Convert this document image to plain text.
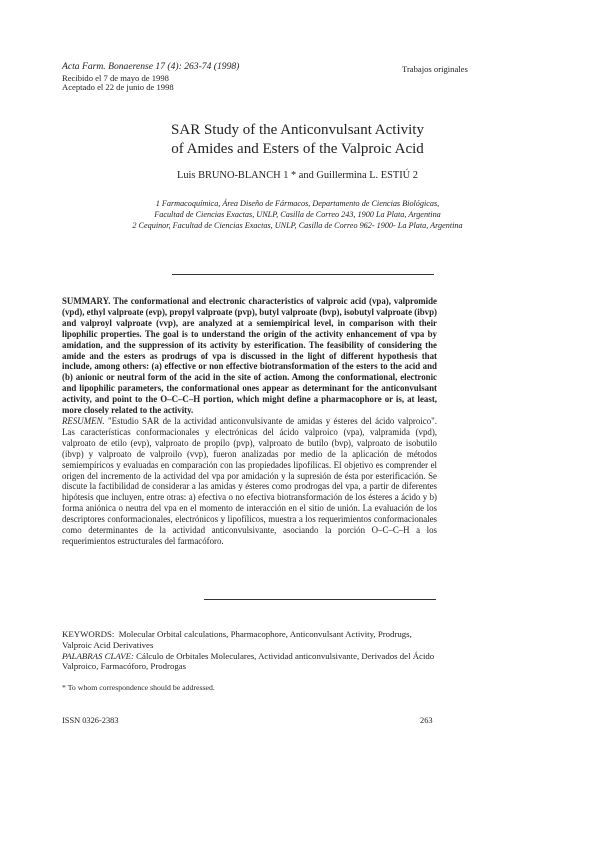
Acta Farm. Bonaerense 17 (4): 263-74 (1998)
Recibido el 7 de mayo de 1998
Aceptado el 22 de junio de 1998
Trabajos originales
SAR Study of the Anticonvulsant Activity
of Amides and Esters of the Valproic Acid
Luis BRUNO-BLANCH 1 * and Guillermina L. ESTIÚ 2
1 Farmacoquímica, Área Diseño de Fármacos, Departamento de Ciencias Biológicas,
Facultad de Ciencias Exactas, UNLP, Casilla de Correo 243, 1900 La Plata, Argentina
2 Cequinor, Facultad de Ciencias Exactas, UNLP, Casilla de Correo 962- 1900- La Plata, Argentina

SUMMARY. The conformational and electronic characteristics of valproic acid (vpa), valpromide (vpd), ethyl valproate (evp), propyl valproate (pvp), butyl valproate (bvp), isobutyl valproate (ibvp) and valproyl valproate (vvp), are analyzed at a semiempirical level, in comparison with their lipophilic properties. The goal is to understand the origin of the activity enhancement of vpa by amidation, and the suppression of its activity by esterification. The feasibility of considering the amide and the esters as prodrugs of vpa is discussed in the light of different hypothesis that include, among others: (a) effective or non effective biotransformation of the esters to the acid and (b) anionic or neutral form of the acid in the site of action. Among the conformational, electronic and lipophilic parameters, the conformational ones appear as determinant for the anticonvulsant activity, and point to the O–C–C–H portion, which might define a pharmacophore or is, at least, more closely related to the activity.

RESUMEN. "Estudio SAR de la actividad anticonvulsivante de amidas y ésteres del ácido valproico". Las características conformacionales y electrónicas del ácido valproico (vpa), valpramida (vpd), valproato de etilo (evp), valproato de propilo (pvp), valproato de butilo (bvp), valproato de isobutilo (ibvp) y valproato de valproilo (vvp), fueron analizadas por medio de la aplicación de métodos semiempíricos y evaluadas en comparación con las propiedades lipofílicas. El objetivo es comprender el origen del incremento de la actividad del vpa por amidación y la supresión de ésta por esterificación. Se discute la factibilidad de considerar a las amidas y ésteres como prodrogas del vpa, a partir de diferentes hipótesis que incluyen, entre otras: a) efectiva o no efectiva biotransformación de los ésteres a ácido y b) forma aniónica o neutra del vpa en el momento de interacción en el sitio de unión. La evaluación de los descriptores conformacionales, electrónicos y lipofílicos, muestra a los requerimientos conformacionales como determinantes de la actividad anticonvulsivante, asociando la porción O–C–C–H a los requerimientos estructurales del farmacóforo.

KEYWORDS: Molecular Orbital calculations, Pharmacophore, Anticonvulsant Activity, Prodrugs, Valproic Acid Derivatives

PALABRAS CLAVE: Cálculo de Orbitales Moleculares, Actividad anticonvulsivante, Derivados del Ácido Valproico, Farmacóforo, Prodrogas

* To whom correspondence should be addressed.
ISSN 0326-2383	263
